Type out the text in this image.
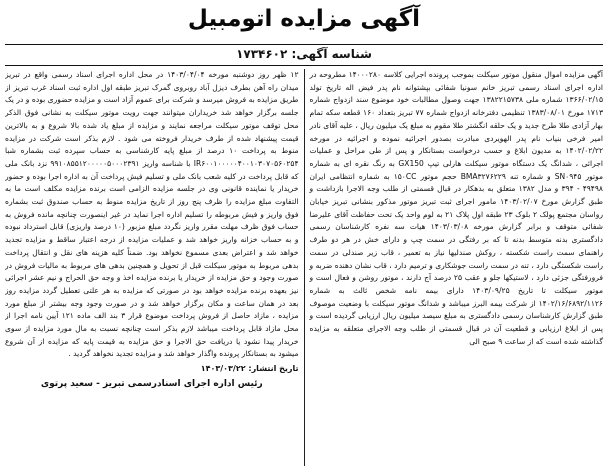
آگهی مزایده اتومبیل
شناسه آگهی: ۱۷۳۴۶۰۲

آگهی مزایده اموال منقول موتور سیکلت بموجب پرونده اجرایی کلاسه ۱۴۰۰۰۲۸۰ مطروحه در اداره اجرای اسناد رسمی تبریز خانم سونیا شفائی بپشتوانه نام پدر فیض اله تاریخ تولد ۱۳۶۶/۰۲/۱۵ شماره ملی ۱۳۸۲۲۱۵۷۳۸ جهت وصول مطالبات خود موضوع سند ازدواج شماره ۱۷۱۳ مورخ ۱۳۸۳/۰۸/۰۱ تنظیمی دفترخانه ازدواج شماره ۷۷ تبریز بتعداد ۱۶۰ قطعه سکه تمام بهار آزادی طلا طرح جدید و یک حلقه انگشتر طلا مقوم به مبلغ یک میلیون ریال ، علیه آقای نادر امیر فرخی بنیاب نام پدر الهویردی مبادرت بصدور اجرائیه نموده و اجرائیه در مورخه ۱۴۰۲/۰۲/۲۲ به مدیون ابلاغ و حسب درخواست بستانکار و پس از طی مراحل و عملیات اجرائی ، شدانگ یک دستگاه موتور سیکلت هارلی تیپ GX150 به رنگ نقره ای به شماره موتور SN۰۹۴۵ و شماره تنه BMA۳۲۷۶۲۲۹ حجم موتور ۱۵۰CC به شماره انتظامی ایران ۴۹۴۹۸ - ۳۹۴ و مدل ۱۳۸۲ متعلق به بدهکار در قبال قسمتی از طلب وجه الاجرا بازداشت و طبق گزارش مورخ ۱۴۰۳/۰۲/۰۷ مامور اجرای ثبت تبریز موتور مذکور بنشانی تبریز خیابان رواسان مجتمع پولک ۲ بلوک ۲۳ طبقه اول پلاک ۲۱ به لوم واحد یک تحت حفاظت آقای علیرضا شفائی متوقف و برابر گزارش مورخه ۱۴۰۳/۰۳/۰۸ هیات سه نفره کارشناسان رسمی دادگستری بدنه متوسط بدنه تا که بر رفتگی در سمت چپ و دارای خش در هر دو طرف راهنمای سمت راست شکسته ، روکش صندلیها نیاز به تعمیر ، قاب زیر صندلی در سمت راست شکستگی دارد ، تنه در سمت راست جوشکاری و ترمیم دارد ، قاب نشان دهنده ضربه و فرورفتگی جزئی دارد ، لاستیکها جلو و عقب ۲۵ درصد آج دارند ، موتور روشن و فعال است و موتور سیکلت تا تاریخ ۱۴۰۳/۰۹/۲۵ دارای بیمه نامه شخص ثالث به شماره ۱۴۰۲/۱۶/۶۸۹۲/۱۱۲۶ از شرکت بیمه البرز میباشد و شدانگ موتور سیکلت با وضعیت موصوف طبق گزارش کارشناسان رسمی دادگستری به مبلغ سیصد میلیون ریال ارزیابی گردیده است و پس از ابلاغ ارزیابی و قطعیت آن در قبال قسمتی از طلب وجه الاجرای متعلقه به مزایده گذاشته شده است که از ساعت ۹ صبح الی

۱۲ ظهر روز دوشنبه مورخه ۱۴۰۳/۰۴/۰۴ در محل اداره اجرای اسناد رسمی واقع در تبریز میدان راه آهن بطرف دیزل آباد روبروی گمرک تبریز طبقه اول اداره ثبت اسناد غرب تبریز از طریق مزایده به فروش میرسد و شرکت برای عموم آزاد است و مزایده حضوری بوده و در یک جلسه برگزار خواهد شد خریداران میتوانند جهت رویت موتور سیکلت به نشانی فوق الذکر محل توقف موتور سیکلت مراجعه نمایند و مزایده از مبلغ یاد شده بالا شروع و به بالاترین قیمت پیشنهاد شده از طرف خریدار فروخته می شود . لازم بذکر است شرکت در مزایده منوط به پرداخت ۱۰ درصد از مبلغ پایه کارشناسی به حساب سپرده ثبت بشماره شبا IR۶۰۰۱۰۰۰۰۰۴۰۰۱۰۳۰۷۰۵۶۰۲۵۴ با شناسه واریز ۹۹۱۰۸۵۵۱۲۰۰۰۰۰۵۰۰۰۲۳۹۱ نزد بانک ملی که قابل پرداخت در کلیه شعب بانک ملی و تسلیم فیش پرداخت آن به اداره اجرا بوده و حضور خریدار یا نماینده قانونی وی در جلسه مزایده الزامی است برنده مزایده مکلف است ما به التفاوت مبلغ مزایده را ظرف پنج روز از تاریخ مزایده منوط به حساب صندوق ثبت بشماره فوق واریز و فیش مربوطه را تسلیم اداره اجرا نماید در غیر اینصورت چنانچه مانده فروش به حساب فوق ظرف مهلت مقرر واریز نگردد مبلغ مزبور (۱۰ درصد واریزی) قابل استرداد نبوده و به حساب خزانه واریز خواهد شد و عملیات مزایده از درجه اعتبار ساقط و مزایده تجدید خواهد شد و اعتراض بعدی مسموع نخواهد بود. ضمناً کلیه هزینه های نقل و انتقال پرداخت بدهی مربوط به موتور سیکلت قبل از تحویل و همچنین بدهی های مربوط به مالیات فروش در صورت وجود و حق مزایده از خریدار یا برنده مزایده اخذ و وجه حق الحراج و نیم عشر اجرائی نیز بعهده برنده مزایده خواهد بود در صورتی که مزایده به هر علتی تعطیل گردد مزایده روز بعد در همان ساعت و مکان برگزار خواهد شد و در صورت وجود وجه بیشتر از مبلغ مورد مزایده ، مازاد حاصل از فروش پرداخت موضوع قرار ۳ بند الف ماده ۱۲۱ آیین نامه اجرا از محل مازاد قابل پرداخت میباشد لازم بذکر است چنانچه نسبت به مال مورد مزایده از سوی خریدار پیدا نشود یا دریافت حق الاجرا و حق مزایده به قیمت پایه که مزایده از آن شروع میشود به بستانکار پرونده واگذار خواهد شد و مزایده تجدید نخواهد گردید .

تاریخ انتشار: ۱۴۰۳/۰۳/۲۲
رئیس اداره اجرای اسنادرسمی تبریز - سعید پرتوی
